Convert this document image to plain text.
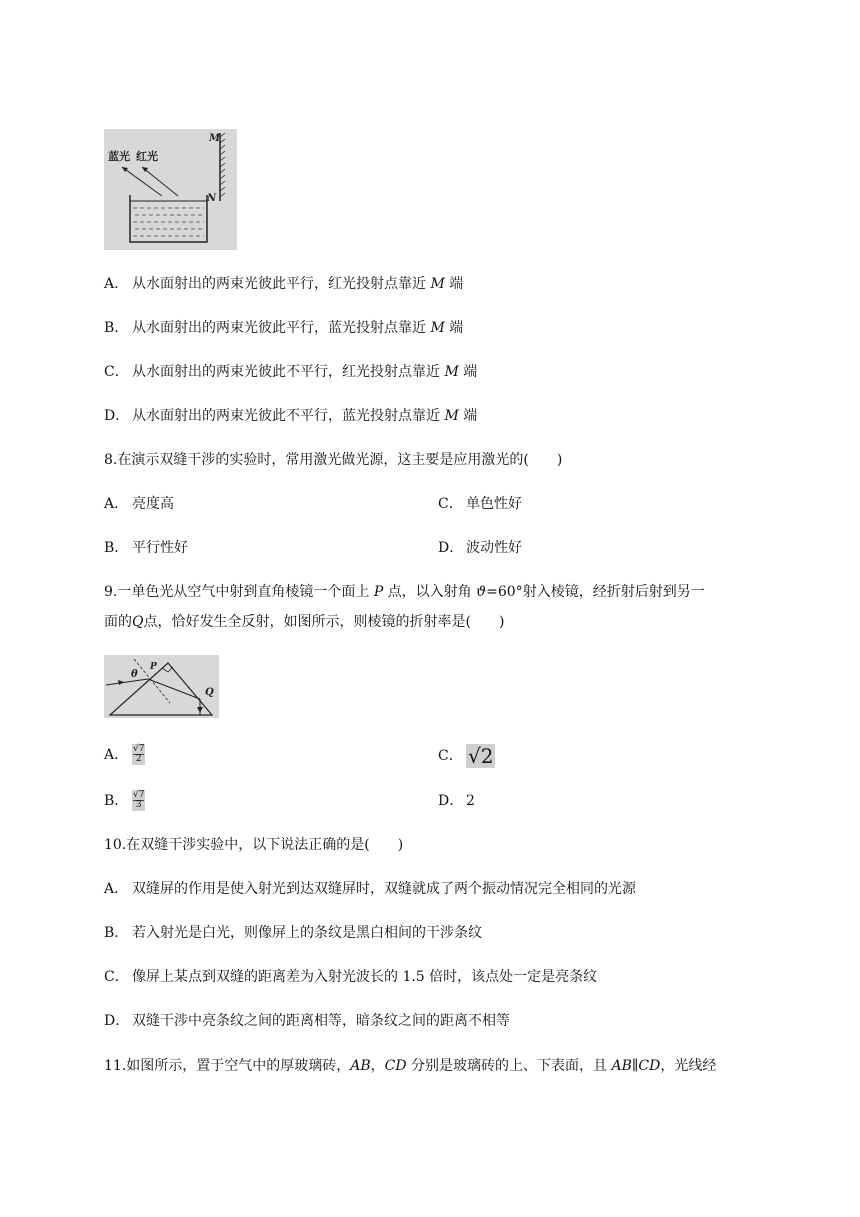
蓝光 红光
M
N
A． 从水面射出的两束光彼此平行，红光投射点靠近 M 端
B． 从水面射出的两束光彼此平行，蓝光投射点靠近 M 端
C． 从水面射出的两束光彼此不平行，红光投射点靠近 M 端
D． 从水面射出的两束光彼此不平行，蓝光投射点靠近 M 端
8.在演示双缝干涉的实验时，常用激光做光源，这主要是应用激光的(　　)
A． 亮度高	C． 单色性好
B． 平行性好	D． 波动性好
9.一单色光从空气中射到直角棱镜一个面上 P 点，以入射角 ϑ=60°射入棱镜，经折射后射到另一
面的Q点，恰好发生全反射，如图所示，则棱镜的折射率是(　　)
θ
P
Q
A． $\frac{√7}{2}$	C． √2
B． $\frac{√7}{3}$	D． 2
10.在双缝干涉实验中，以下说法正确的是(　　)
A． 双缝屏的作用是使入射光到达双缝屏时，双缝就成了两个振动情况完全相同的光源
B． 若入射光是白光，则像屏上的条纹是黑白相间的干涉条纹
C． 像屏上某点到双缝的距离差为入射光波长的 1.5 倍时，该点处一定是亮条纹
D． 双缝干涉中亮条纹之间的距离相等，暗条纹之间的距离不相等
11.如图所示，置于空气中的厚玻璃砖，AB，CD 分别是玻璃砖的上、下表面，且 AB∥CD，光线经
